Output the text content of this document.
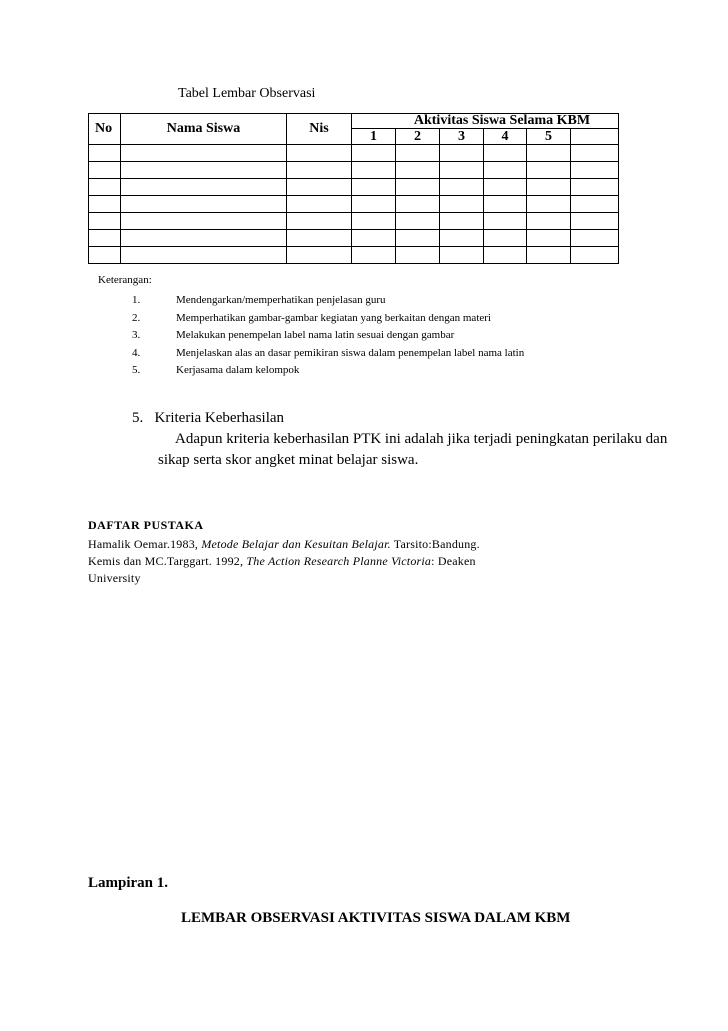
Tabel Lembar Observasi
No	Nama Siswa	Nis	Aktivitas Siswa Selama KBM					
			1	2	3	4	5	

Keterangan:
1.	Mendengarkan/memperhatikan penjelasan guru
2.	Memperhatikan gambar-gambar kegiatan yang berkaitan dengan materi
3.	Melakukan penempelan label nama latin sesuai dengan gambar
4.	Menjelaskan alas an dasar pemikiran siswa dalam penempelan label nama latin
5.	Kerjasama dalam kelompok
5.   Kriteria Keberhasilan
Adapun kriteria keberhasilan PTK ini adalah jika terjadi peningkatan perilaku dan
sikap serta skor angket minat belajar siswa.
DAFTAR PUSTAKA
Hamalik Oemar.1983, Metode Belajar dan Kesuitan Belajar. Tarsito:Bandung.
Kemis dan MC.Targgart. 1992, The Action Research Planne Victoria: Deaken
University
Lampiran 1.
LEMBAR OBSERVASI AKTIVITAS SISWA DALAM KBM
